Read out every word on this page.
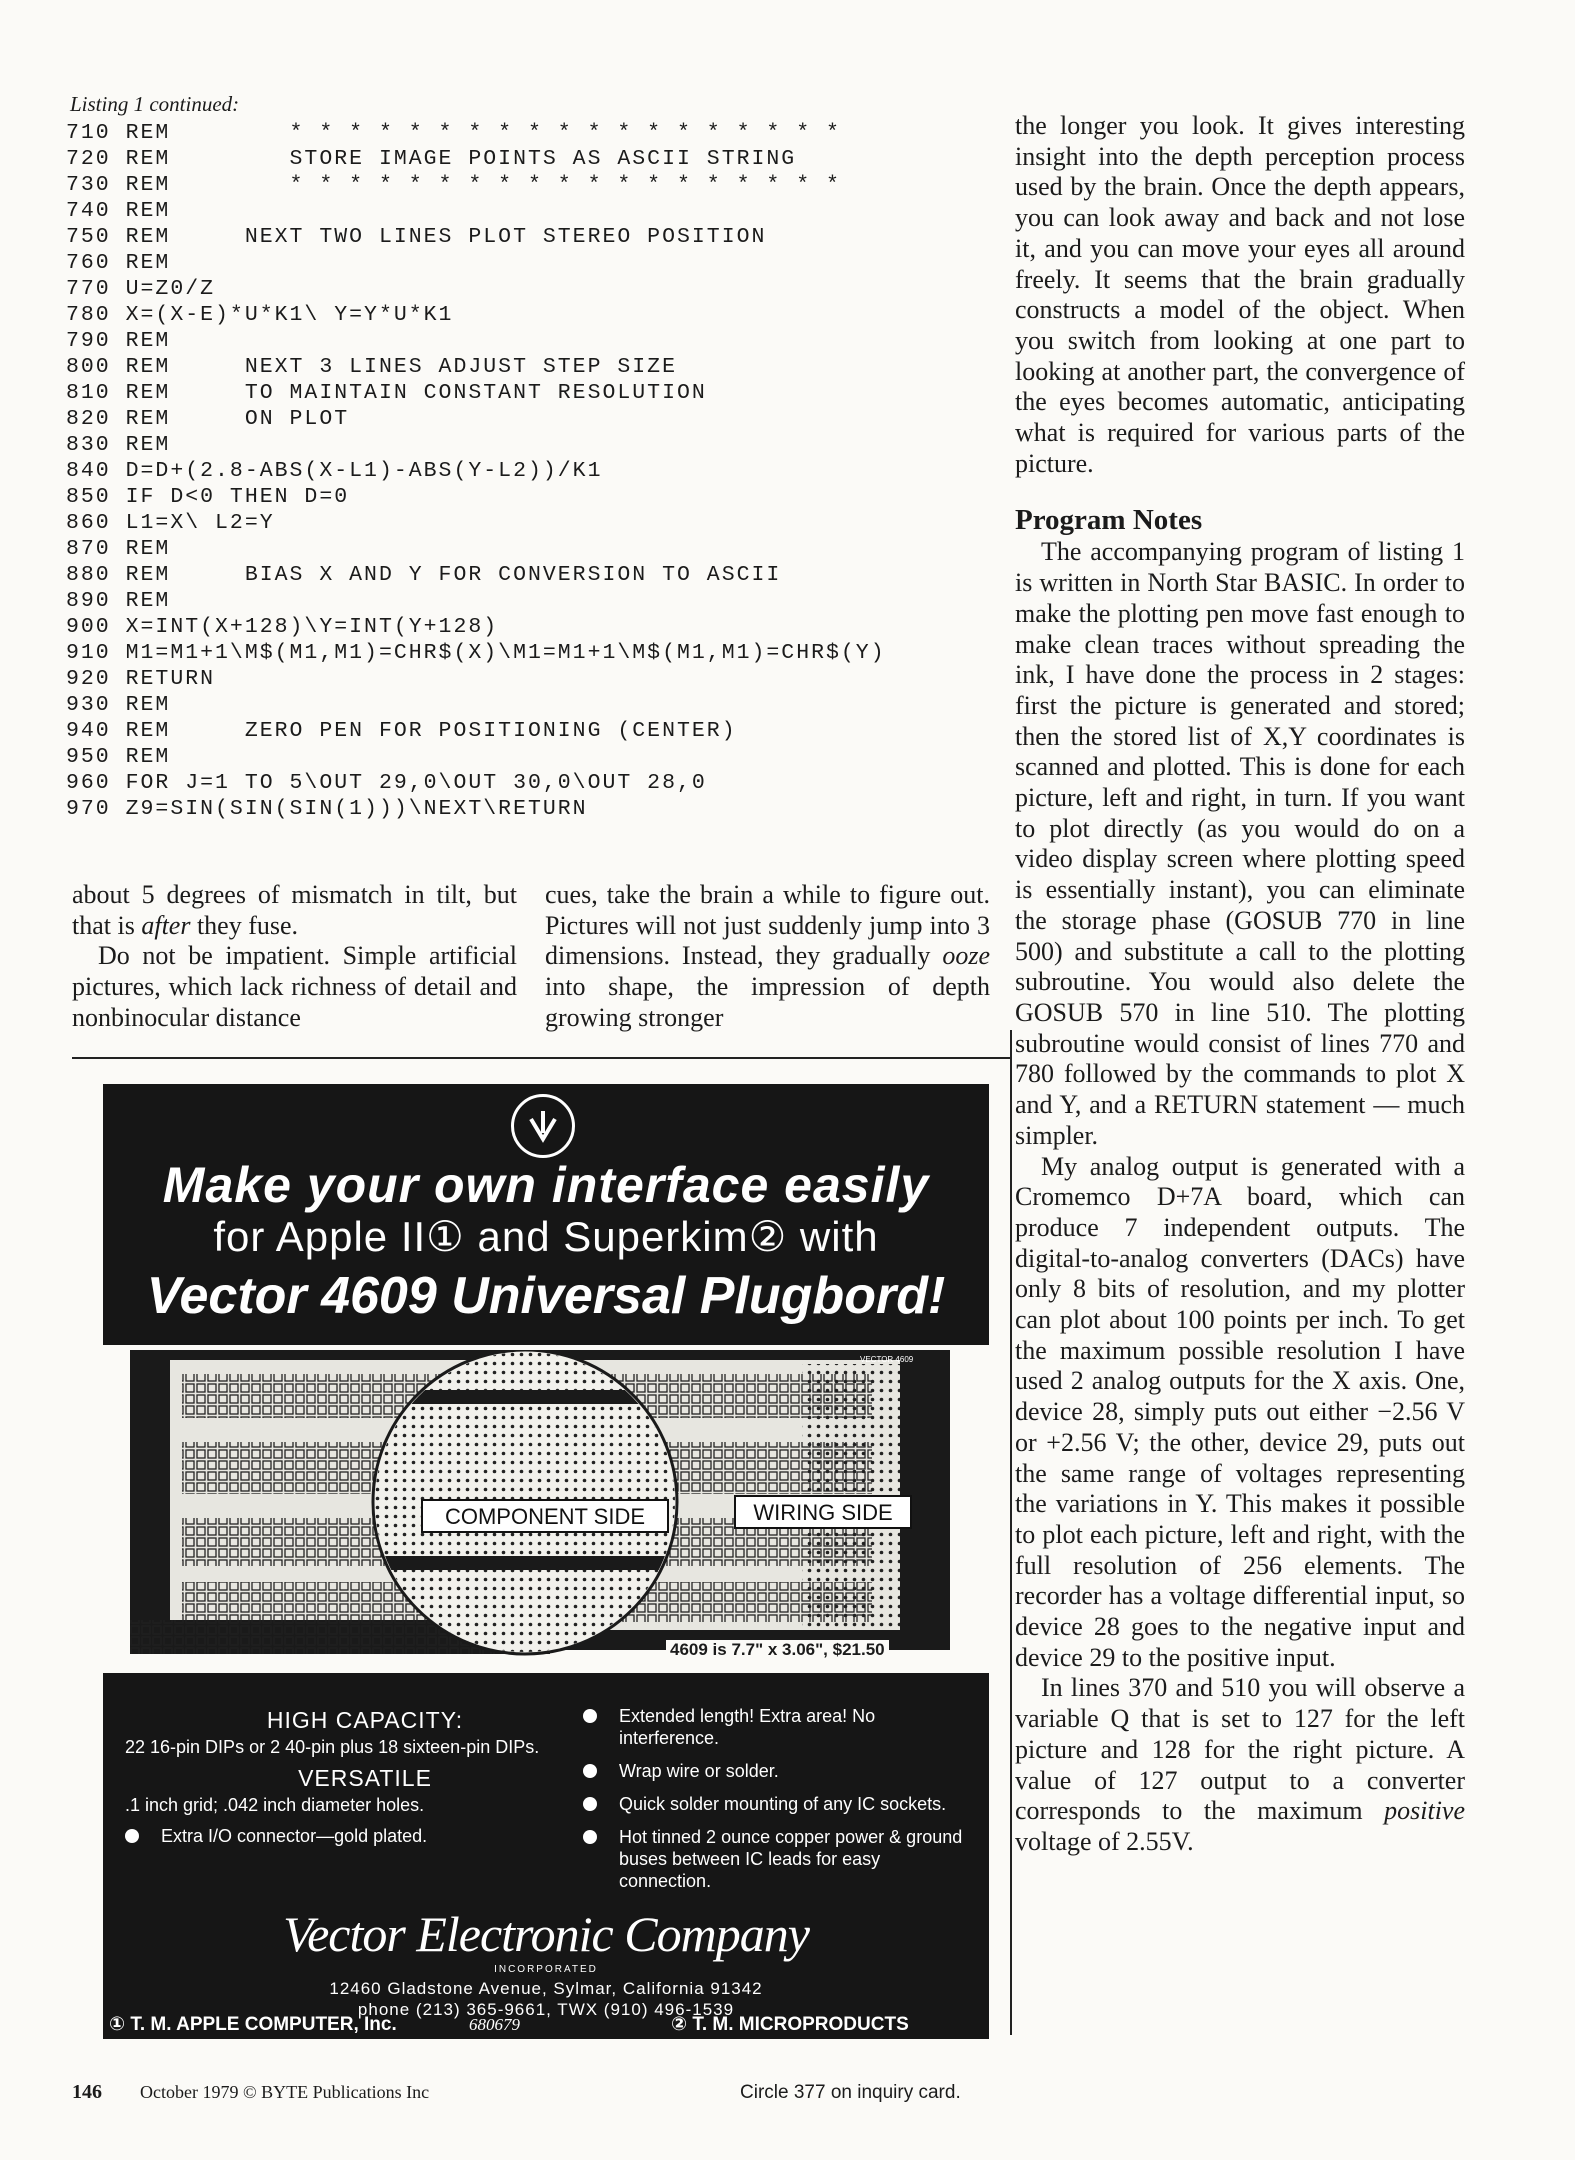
Listing 1 continued:
710 REM        * * * * * * * * * * * * * * * * * * *
720 REM        STORE IMAGE POINTS AS ASCII STRING
730 REM        * * * * * * * * * * * * * * * * * * *
740 REM
750 REM     NEXT TWO LINES PLOT STEREO POSITION
760 REM
770 U=Z0/Z
780 X=(X-E)*U*K1\ Y=Y*U*K1
790 REM
800 REM     NEXT 3 LINES ADJUST STEP SIZE
810 REM     TO MAINTAIN CONSTANT RESOLUTION
820 REM     ON PLOT
830 REM
840 D=D+(2.8-ABS(X-L1)-ABS(Y-L2))/K1
850 IF D<0 THEN D=0
860 L1=X\ L2=Y
870 REM
880 REM     BIAS X AND Y FOR CONVERSION TO ASCII
890 REM
900 X=INT(X+128)\Y=INT(Y+128)
910 M1=M1+1\M$(M1,M1)=CHR$(X)\M1=M1+1\M$(M1,M1)=CHR$(Y)
920 RETURN
930 REM
940 REM     ZERO PEN FOR POSITIONING (CENTER)
950 REM
960 FOR J=1 TO 5\OUT 29,0\OUT 30,0\OUT 28,0
970 Z9=SIN(SIN(SIN(1)))\NEXT\RETURN

about 5 degrees of mismatch in tilt, but that is after they fuse.

Do not be impatient. Simple artificial pictures, which lack richness of detail and nonbinocular distance

cues, take the brain a while to figure out. Pictures will not just suddenly jump into 3 dimensions. Instead, they gradually ooze into shape, the impression of depth growing stronger

the longer you look. It gives interesting insight into the depth perception process used by the brain. Once the depth appears, you can look away and back and not lose it, and you can move your eyes all around freely. It seems that the brain gradually constructs a model of the object. When you switch from looking at one part to looking at another part, the convergence of the eyes becomes automatic, anticipating what is required for various parts of the picture.

Program Notes

The accompanying program of listing 1 is written in North Star BASIC. In order to make the plotting pen move fast enough to make clean traces without spreading the ink, I have done the process in 2 stages: first the picture is generated and stored; then the stored list of X,Y coordinates is scanned and plotted. This is done for each picture, left and right, in turn. If you want to plot directly (as you would do on a video display screen where plotting speed is essentially instant), you can eliminate the storage phase (GOSUB 770 in line 500) and substitute a call to the plotting subroutine. You would also delete the GOSUB 570 in line 510. The plotting subroutine would consist of lines 770 and 780 followed by the commands to plot X and Y, and a RETURN statement — much simpler.

My analog output is generated with a Cromemco D+7A board, which can produce 7 independent outputs. The digital-to-analog converters (DACs) have only 8 bits of resolution, and my plotter can plot about 100 points per inch. To get the maximum possible resolution I have used 2 analog outputs for the X axis. One, device 28, simply puts out either −2.56 V or +2.56 V; the other, device 29, puts out the same range of voltages representing the variations in Y. This makes it possible to plot each picture, left and right, with the full resolution of 256 elements. The recorder has a voltage differential input, so device 28 goes to the negative input and device 29 to the positive input.

In lines 370 and 510 you will observe a variable Q that is set to 127 for the left picture and 128 for the right picture. A value of 127 output to a converter corresponds to the maximum positive voltage of 2.55V.

Make your own interface easily
for Apple II① and Superkim② with
Vector 4609 Universal Plugbord!
VECTOR 4609
COMPONENT SIDE	WIRING SIDE
4609 is 7.7" x 3.06", $21.50
HIGH CAPACITY:
22 16-pin DIPs or 2 40-pin plus 18 sixteen-pin DIPs.
VERSATILE
.1 inch grid; .042 inch diameter holes.
Extra I/O connector—gold plated.
Extended length! Extra area! No interference.
Wrap wire or solder.
Quick solder mounting of any IC sockets.
Hot tinned 2 ounce copper power & ground buses between IC leads for easy connection.
Vector Electronic Company
INCORPORATED
12460 Gladstone Avenue, Sylmar, California 91342
phone (213) 365-9661, TWX (910) 496-1539
① T. M. APPLE COMPUTER, Inc.	680679	② T. M. MICROPRODUCTS
146 October 1979 © BYTE Publications Inc	Circle 377 on inquiry card.
